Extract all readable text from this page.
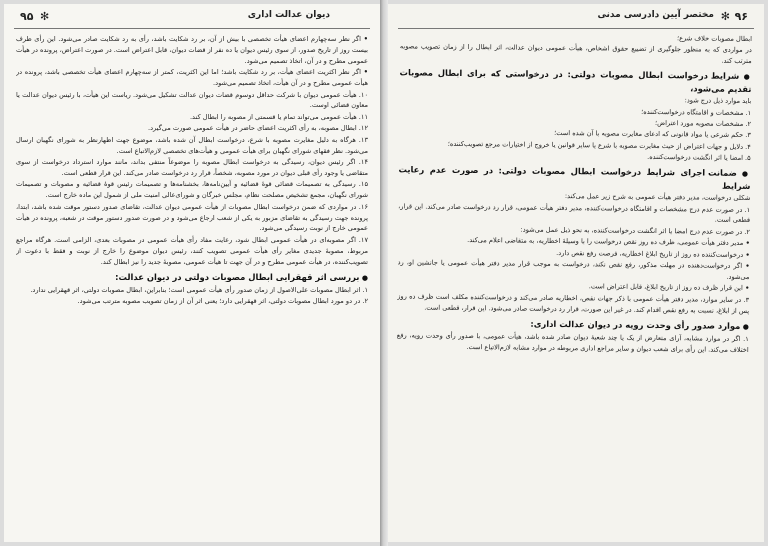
۹۵ ✻	دیوان عدالت اداری

• اگر نظر سه‌چهارم اعضای هیأت تخصصی با بیش از آن، بر رد شکایت باشد، رأی به رد شکایت صادر می‌شود. این رأی ظرف بیست روز از تاریخ صدور، از سوی رئیس دیوان یا ده نفر از قضات دیوان، قابل اعتراض است. در صورت اعتراض، پرونده در هیأت عمومی مطرح و در آن، اتخاذ تصمیم می‌شود.

• اگر نظر اکثریت اعضای هیأت، بر رد شکایت باشد؛ اما این اکثریت، کمتر از سه‌چهارم اعضای هیأت تخصصی باشد، پرونده در هیأت عمومی مطرح و در آن هیأت، اتخاذ تصمیم می‌شود.

۱۰. هیأت عمومی دیوان با شرکت حداقل دوسوم قضات دیوان عدالت تشکیل می‌شود. ریاست این هیأت، با رئیس دیوان عدالت یا معاون قضائی اوست.

۱۱. هیأت عمومی می‌تواند تمام یا قسمتی از مصوبه را ابطال کند.

۱۲. ابطال مصوبه، به رأی اکثریت اعضای حاضر در هیأت عمومی صورت می‌گیرد.

۱۳. هرگاه به دلیل مغایرت مصوبه با شرع، درخواست ابطال آن شده باشد، موضوع جهت اظهارنظر به شورای نگهبان ارسال می‌شود. نظر فقهای شورای نگهبان برای هیأت عمومی و هیأت‌های تخصصی لازم‌الاتباع است.

۱۴. اگر رئیس دیوان، رسیدگی به درخواست ابطال مصوبه را موضوعاً منتفی بداند، مانند موارد استرداد درخواست از سوی متقاضی یا وجود رأی قبلی دیوان در مورد مصوبه، شخصاً، قرار رد درخواست صادر می‌کند. این قرار قطعی است.

۱۵. رسیدگی به تصمیمات قضائی قوهٔ قضائیه و آیین‌نامه‌ها، بخشنامه‌ها و تصمیمات رئیس قوهٔ قضائیه و مصوبات و تصمیمات شورای نگهبان، مجمع تشخیص مصلحت نظام، مجلس خبرگان و شورای‌عالی امنیت ملی از شمول این ماده خارج است.

۱۶. در مواردی که ضمن درخواست ابطال مصوبات از هیأت عمومی دیوان عدالت، تقاضای صدور دستور موقت شده باشد، ابتدا، پرونده جهت رسیدگی به تقاضای مزبور به یکی از شعب ارجاع می‌شود و در صورت صدور دستور موقت در شعبه، پرونده در هیأت عمومی خارج از نوبت رسیدگی می‌شود.

۱۷. اگر مصوبه‌ای در هیأت عمومی ابطال شود، رعایت مفاد رأی هیأت عمومی در مصوبات بعدی، الزامی است. هرگاه مراجع مربوط، مصوبهٔ جدیدی مغایر رأی هیأت عمومی تصویب کنند، رئیس دیوان موضوع را خارج از نوبت و فقط با دعوت از تصویب‌کننده، در هیأت عمومی مطرح و در آن جهت تا هیأت عمومی، مصوبهٔ جدید را نیز ابطال کند.

● بررسی اثر قهقرایی ابطال مصوبات دولتی در دیوان عدالت:

۱. اثر ابطال مصوبات علی‌الاصول از زمان صدور رأی هیأت عمومی است؛ بنابراین، ابطال مصوبات دولتی، اثر قهقرایی ندارد.

۲. در دو مورد ابطال مصوبات دولتی، اثر قهقرایی دارد؛ یعنی اثر آن از زمان تصویب مصوبه مترتب می‌شود.

۹۶
✻
مختصر آیین دادرسی مدنی

ابطال مصوبات خلاف شرع؛

در مواردی که به منظور جلوگیری از تضییع حقوق اشخاص، هیأت عمومی دیوان عدالت، اثر ابطال را از زمان تصویب مصوبه مترتب کند.

● شرایط درخواست ابطال مصوبات دولتی: در درخواستی که برای ابطال مصوبات تقدیم می‌شود،

باید موارد ذیل درج شود:

۱. مشخصات و اقامتگاه درخواست‌کننده؛

۲. مشخصات مصوبه مورد اعتراض؛

۳. حکم شرعی یا مواد قانونی که ادعای مغایرت مصوبه با آن شده است؛

۴. دلایل و جهات اعتراض از حیث مغایرت مصوبه با شرع یا سایر قوانین یا خروج از اختیارات مرجع تصویب‌کننده؛

۵. امضا یا اثر انگشت درخواست‌کننده.

● ضمانت اجرای شرایط درخواست ابطال مصوبات دولتی: در صورت عدم رعایت شرایط

شکلی درخواست، مدیر دفتر هیأت عمومی به شرح زیر عمل می‌کند:

۱. در صورت عدم درج مشخصات و اقامتگاه درخواست‌کننده، مدیر دفتر هیأت عمومی، قرار رد درخواست صادر می‌کند. این قرار، قطعی است.

۲. در صورت عدم درج امضا یا اثر انگشت درخواست‌کننده، به نحو ذیل عمل می‌شود:

• مدیر دفتر هیأت عمومی، ظرف ده روز نقص درخواست را با وسیلهٔ اخطاریه، به متقاضی اعلام می‌کند.

• درخواست‌کننده ده روز از تاریخ ابلاغ اخطاریه، فرصت رفع نقص دارد.

• اگر درخواست‌دهنده در مهلت مذکور، رفع نقص نکند، درخواست به موجب قرار مدیر دفتر هیأت عمومی یا جانشین او، رد می‌شود.

• این قرار ظرف ده روز از تاریخ ابلاغ، قابل اعتراض است.

۳. در سایر موارد، مدیر دفتر هیأت عمومی با ذکر جهات نقص، اخطاریه صادر می‌کند و درخواست‌کننده مکلف است ظرف ده روز پس از ابلاغ، نسبت به رفع نقص اقدام کند. در غیر این صورت، قرار رد درخواست صادر می‌شود. این قرار، قطعی است.

● موارد صدور رأی وحدت رویه در دیوان عدالت اداری:

۱. اگر در موارد مشابه، آرای متعارض از یک یا چند شعبهٔ دیوان صادر شده باشد، هیأت عمومی، با صدور رأی وحدت رویه، رفع اختلاف می‌کند. این رأی برای شعب دیوان و سایر مراجع اداری مربوطه در موارد مشابه لازم‌الاتباع است.
